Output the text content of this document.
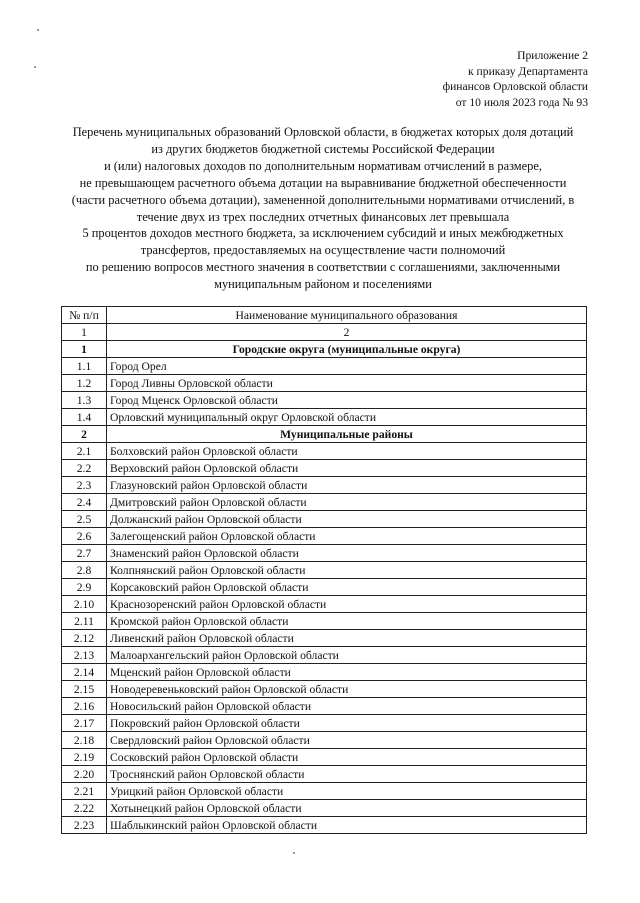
Приложение 2
к приказу Департамента
финансов Орловской области
от 10 июля 2023 года № 93
Перечень муниципальных образований Орловской области, в бюджетах которых доля дотаций
из других бюджетов бюджетной системы Российской Федерации
и (или) налоговых доходов по дополнительным нормативам отчислений в размере,
не превышающем расчетного объема дотации на выравнивание бюджетной обеспеченности
(части расчетного объема дотации), замененной дополнительными нормативами отчислений, в
течение двух из трех последних отчетных финансовых лет превышала
5 процентов доходов местного бюджета, за исключением субсидий и иных межбюджетных
трансфертов, предоставляемых на осуществление части полномочий
по решению вопросов местного значения в соответствии с соглашениями, заключенными
муниципальным районом и поселениями
№ п/п	Наименование муниципального образования
1	2
1	Городские округа (муниципальные округа)
1.1	Город Орел
1.2	Город Ливны Орловской области
1.3	Город Мценск Орловской области
1.4	Орловский муниципальный округ Орловской области
2	Муниципальные районы
2.1	Болховский район Орловской области
2.2	Верховский район Орловской области
2.3	Глазуновский район Орловской области
2.4	Дмитровский район Орловской области
2.5	Должанский район Орловской области
2.6	Залегощенский район Орловской области
2.7	Знаменский район Орловской области
2.8	Колпнянский район Орловской области
2.9	Корсаковский район Орловской области
2.10	Краснозоренский район Орловской области
2.11	Кромской район Орловской области
2.12	Ливенский район Орловской области
2.13	Малоархангельский район Орловской области
2.14	Мценский район Орловской области
2.15	Новодеревеньковский район Орловской области
2.16	Новосильский район Орловской области
2.17	Покровский район Орловской области
2.18	Свердловский район Орловской области
2.19	Сосковский район Орловской области
2.20	Троснянский район Орловской области
2.21	Урицкий район Орловской области
2.22	Хотынецкий район Орловской области
2.23	Шаблыкинский район Орловской области
